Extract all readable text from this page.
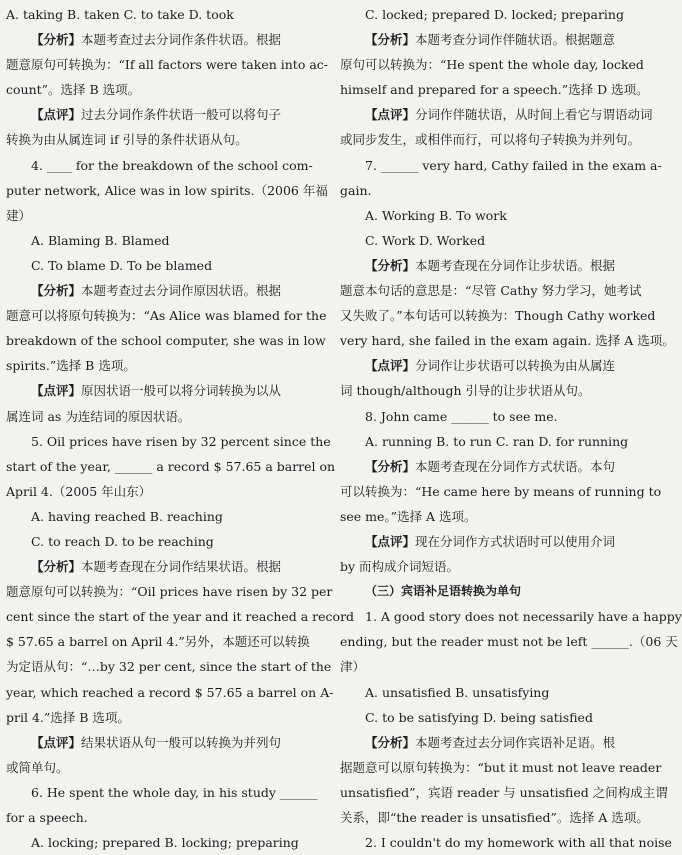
A. taking B. taken C. to take D. took
【分析】本题考查过去分词作条件状语。根据
题意原句可转换为：“If all factors were taken into ac-
count”。选择 B 选项。
【点评】过去分词作条件状语一般可以将句子
转换为由从属连词 if 引导的条件状语从句。
4. ____ for the breakdown of the school com-
puter network, Alice was in low spirits.（2006 年福
建）
A. Blaming B. Blamed
C. To blame D. To be blamed
【分析】本题考查过去分词作原因状语。根据
题意可以将原句转换为：“As Alice was blamed for the
breakdown of the school computer, she was in low
spirits.”选择 B 选项。
【点评】原因状语一般可以将分词转换为以从
属连词 as 为连结词的原因状语。
5. Oil prices have risen by 32 percent since the
start of the year, ______ a record $ 57.65 a barrel on
April 4.（2005 年山东）
A. having reached B. reaching
C. to reach D. to be reaching
【分析】本题考查现在分词作结果状语。根据
题意原句可以转换为：“Oil prices have risen by 32 per
cent since the start of the year and it reached a record
$ 57.65 a barrel on April 4.”另外，本题还可以转换
为定语从句：“…by 32 per cent, since the start of the
year, which reached a record $ 57.65 a barrel on A-
pril 4.”选择 B 选项。
【点评】结果状语从句一般可以转换为并列句
或简单句。
6. He spent the whole day, in his study ______
for a speech.
A. locking; prepared B. locking; preparing
C. locked; prepared D. locked; preparing
【分析】本题考查分词作伴随状语。根据题意
原句可以转换为：“He spent the whole day, locked
himself and prepared for a speech.”选择 D 选项。
【点评】分词作伴随状语，从时间上看它与谓语动词
或同步发生，或相伴而行，可以将句子转换为并列句。
7. ______ very hard, Cathy failed in the exam a-
gain.
A. Working B. To work
C. Work D. Worked
【分析】本题考查现在分词作让步状语。根据
题意本句话的意思是：“尽管 Cathy 努力学习，她考试
又失败了。”本句话可以转换为：Though Cathy worked
very hard, she failed in the exam again. 选择 A 选项。
【点评】分词作让步状语可以转换为由从属连
词 though/although 引导的让步状语从句。
8. John came ______ to see me.
A. running B. to run C. ran D. for running
【分析】本题考查现在分词作方式状语。本句
可以转换为：“He came here by means of running to
see me。”选择 A 选项。
【点评】现在分词作方式状语时可以使用介词
by 而构成介词短语。
（三）宾语补足语转换为单句
1. A good story does not necessarily have a happy
ending, but the reader must not be left ______.（06 天
津）
A. unsatisfied B. unsatisfying
C. to be satisfying D. being satisfied
【分析】本题考查过去分词作宾语补足语。根
据题意可以原句转换为：“but it must not leave reader
unsatisfied”，宾语 reader 与 unsatisfied 之间构成主谓
关系，即“the reader is unsatisfied”。选择 A 选项。
2. I couldn't do my homework with all that noise
